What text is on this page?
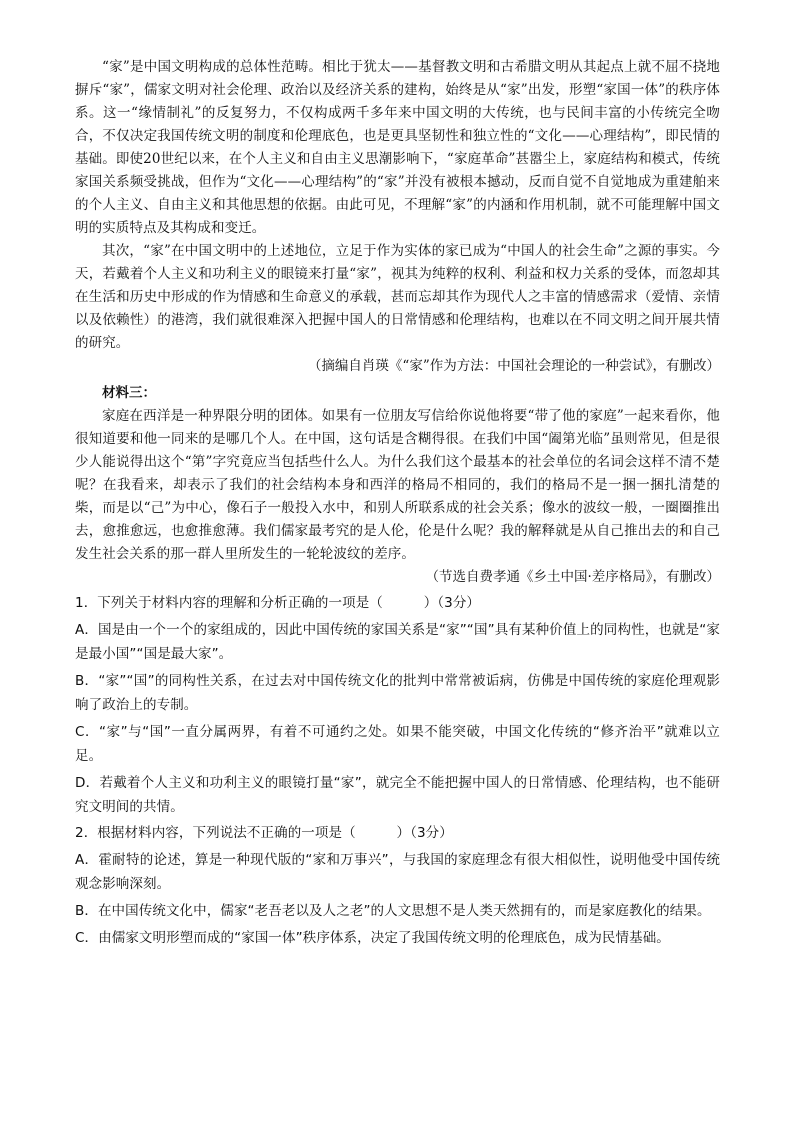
“家”是中国文明构成的总体性范畴。相比于犹太——基督教文明和古希腊文明从其起点上就不屈不挠地摒斥“家”，儒家文明对社会伦理、政治以及经济关系的建构，始终是从“家”出发，形塑“家国一体”的秩序体系。这一“缘情制礼”的反复努力，不仅构成两千多年来中国文明的大传统，也与民间丰富的小传统完全吻合，不仅决定我国传统文明的制度和伦理底色，也是更具坚韧性和独立性的“文化——心理结构”，即民情的基础。即使20世纪以来，在个人主义和自由主义思潮影响下，“家庭革命”甚嚣尘上，家庭结构和模式，传统家国关系频受挑战，但作为“文化——心理结构”的“家”并没有被根本撼动，反而自觉不自觉地成为重建舶来的个人主义、自由主义和其他思想的依据。由此可见，不理解“家”的内涵和作用机制，就不可能理解中国文明的实质特点及其构成和变迁。

其次，“家”在中国文明中的上述地位，立足于作为实体的家已成为“中国人的社会生命”之源的事实。今天，若戴着个人主义和功利主义的眼镜来打量“家”，视其为纯粹的权利、利益和权力关系的受体，而忽却其在生活和历史中形成的作为情感和生命意义的承载，甚而忘却其作为现代人之丰富的情感需求（爱情、亲情以及依赖性）的港湾，我们就很难深入把握中国人的日常情感和伦理结构，也难以在不同文明之间开展共情的研究。

（摘编自肖瑛《“家”作为方法：中国社会理论的一种尝试》，有删改）

材料三：

家庭在西洋是一种界限分明的团体。如果有一位朋友写信给你说他将要“带了他的家庭”一起来看你，他很知道要和他一同来的是哪几个人。在中国，这句话是含糊得很。在我们中国“阖第光临”虽则常见，但是很少人能说得出这个“第”字究竟应当包括些什么人。为什么我们这个最基本的社会单位的名词会这样不清不楚呢？在我看来，却表示了我们的社会结构本身和西洋的格局不相同的，我们的格局不是一捆一捆扎清楚的柴，而是以“己”为中心，像石子一般投入水中，和别人所联系成的社会关系；像水的波纹一般，一圈圈推出去，愈推愈远，也愈推愈薄。我们儒家最考究的是人伦，伦是什么呢？我的解释就是从自己推出去的和自己发生社会关系的那一群人里所发生的一轮轮波纹的差序。

（节选自费孝通《乡土中国·差序格局》，有删改）

1．下列关于材料内容的理解和分析正确的一项是（　　　）（3分）

A．国是由一个一个的家组成的，因此中国传统的家国关系是“家”“国”具有某种价值上的同构性，也就是“家是最小国”“国是最大家”。

B．“家”“国”的同构性关系，在过去对中国传统文化的批判中常常被诟病，仿佛是中国传统的家庭伦理观影响了政治上的专制。

C．“家”与“国”一直分属两界，有着不可通约之处。如果不能突破，中国文化传统的“修齐治平”就难以立足。

D．若戴着个人主义和功利主义的眼镜打量“家”，就完全不能把握中国人的日常情感、伦理结构，也不能研究文明间的共情。

2．根据材料内容，下列说法不正确的一项是（　　　）（3分）

A．霍耐特的论述，算是一种现代版的“家和万事兴”，与我国的家庭理念有很大相似性，说明他受中国传统观念影响深刻。

B．在中国传统文化中，儒家“老吾老以及人之老”的人文思想不是人类天然拥有的，而是家庭教化的结果。

C．由儒家文明形塑而成的“家国一体”秩序体系，决定了我国传统文明的伦理底色，成为民情基础。
